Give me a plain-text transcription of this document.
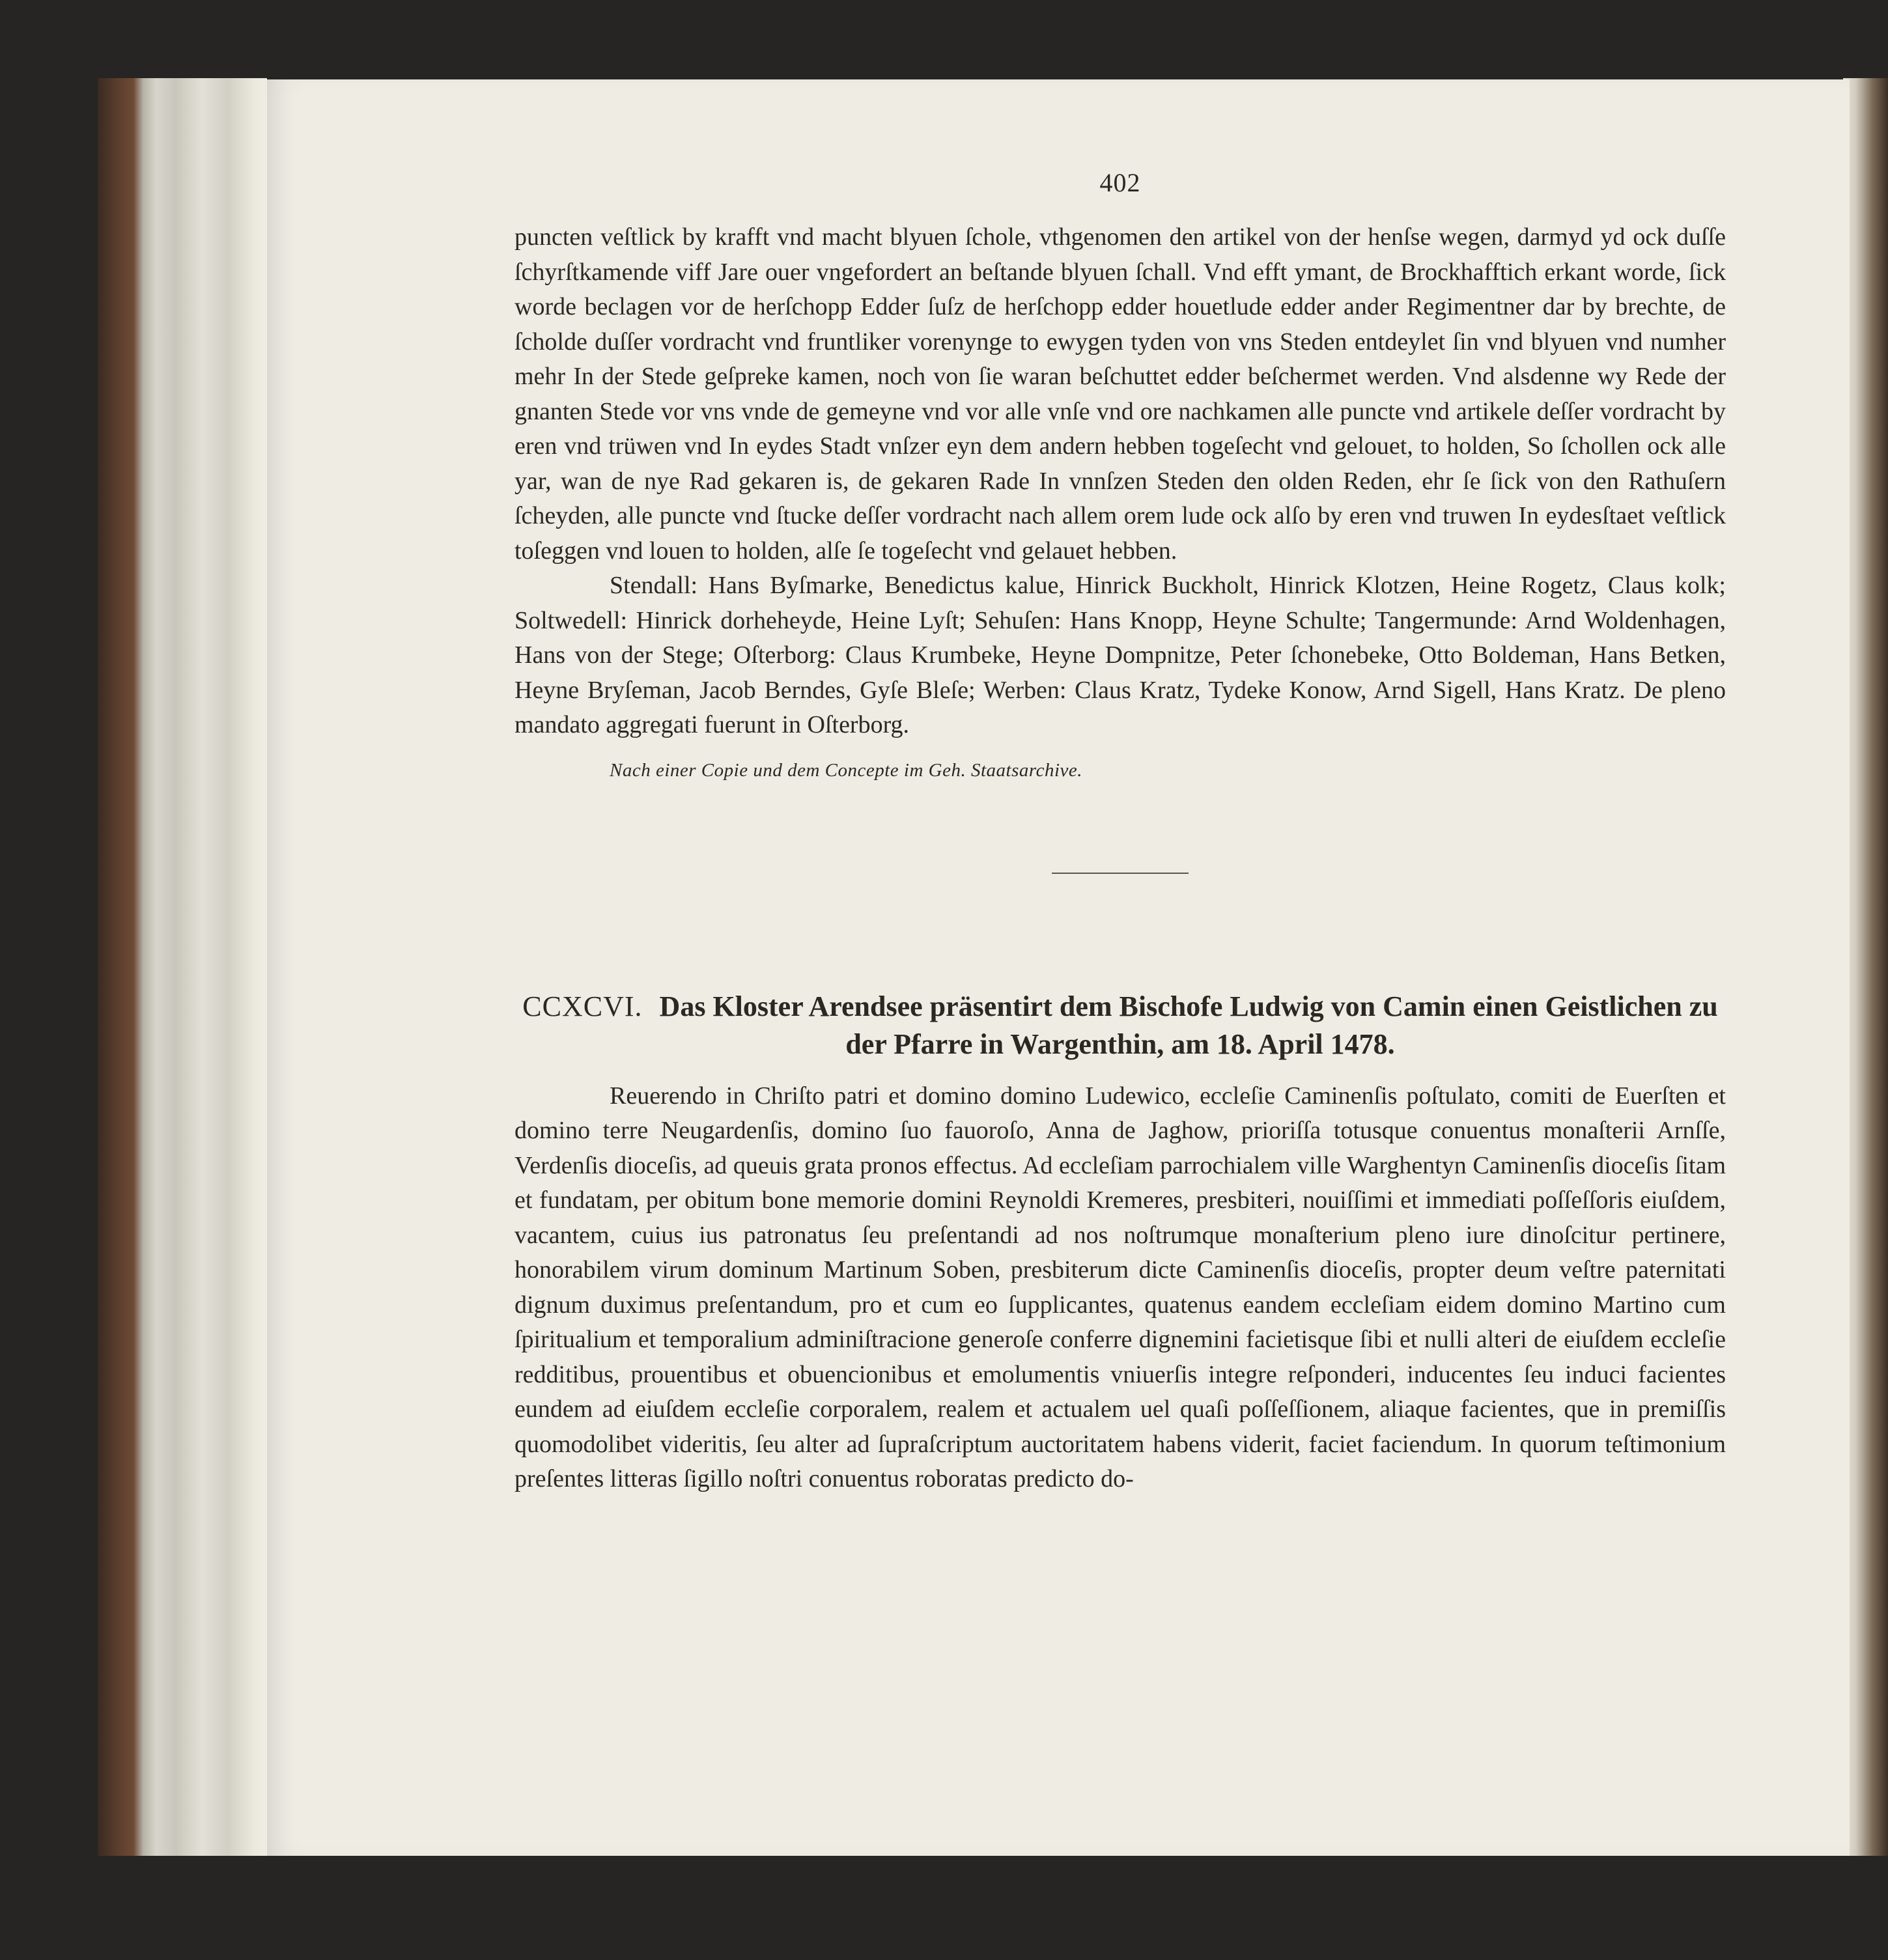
402

puncten veſtlick by krafft vnd macht blyuen ſchole, vthgenomen den artikel von der henſse wegen, darmyd yd ock duſſe ſchyrſtkamende viff Jare ouer vngefordert an beſtande blyuen ſchall. Vnd efft ymant, de Brockhafftich erkant worde, ſick worde beclagen vor de herſchopp Edder ſuſz de herſchopp edder houetlude edder ander Regimentner dar by brechte, de ſcholde duſſer vordracht vnd fruntliker vorenynge to ewygen tyden von vns Steden entdeylet ſin vnd blyuen vnd numher mehr In der Stede geſpreke kamen, noch von ſie waran beſchuttet edder beſchermet werden. Vnd alsdenne wy Rede der gnanten Stede vor vns vnde de gemeyne vnd vor alle vnſe vnd ore nachkamen alle puncte vnd artikele deſſer vordracht by eren vnd trüwen vnd In eydes Stadt vnſzer eyn dem andern hebben togeſecht vnd gelouet, to holden, So ſchollen ock alle yar, wan de nye Rad gekaren is, de gekaren Rade In vnnſzen Steden den olden Reden, ehr ſe ſick von den Rathuſern ſcheyden, alle puncte vnd ſtucke deſſer vordracht nach allem orem lude ock alſo by eren vnd truwen In eydesſtaet veſtlick toſeggen vnd louen to holden, alſe ſe togeſecht vnd gelauet hebben.

Stendall: Hans Byſmarke, Benedictus kalue, Hinrick Buckholt, Hinrick Klotzen, Heine Rogetz, Claus kolk; Soltwedell: Hinrick dorheheyde, Heine Lyſt; Sehuſen: Hans Knopp, Heyne Schulte; Tangermunde: Arnd Woldenhagen, Hans von der Stege; Oſterborg: Claus Krumbeke, Heyne Dompnitze, Peter ſchonebeke, Otto Boldeman, Hans Betken, Heyne Bryſeman, Jacob Berndes, Gyſe Bleſe; Werben: Claus Kratz, Tydeke Konow, Arnd Sigell, Hans Kratz. De pleno mandato aggregati fuerunt in Oſterborg.

Nach einer Copie und dem Concepte im Geh. Staatsarchive.
CCXCVI. Das Kloster Arendsee präsentirt dem Bischofe Ludwig von Camin einen Geistlichen zu der Pfarre in Wargenthin, am 18. April 1478.

Reuerendo in Chriſto patri et domino domino Ludewico, eccleſie Caminenſis poſtulato, comiti de Euerſten et domino terre Neugardenſis, domino ſuo fauoroſo, Anna de Jaghow, prioriſſa totusque conuentus monaſterii Arnſſe, Verdenſis dioceſis, ad queuis grata pronos effectus. Ad eccleſiam parrochialem ville Warghentyn Caminenſis dioceſis ſitam et fundatam, per obitum bone memorie domini Reynoldi Kremeres, presbiteri, nouiſſimi et immediati poſſeſſoris eiuſdem, vacantem, cuius ius patronatus ſeu preſentandi ad nos noſtrumque monaſterium pleno iure dinoſcitur pertinere, honorabilem virum dominum Martinum Soben, presbiterum dicte Caminenſis dioceſis, propter deum veſtre paternitati dignum duximus preſentandum, pro et cum eo ſupplicantes, quatenus eandem eccleſiam eidem domino Martino cum ſpiritualium et temporalium adminiſtracione generoſe conferre dignemini facietisque ſibi et nulli alteri de eiuſdem eccleſie redditibus, prouentibus et obuencionibus et emolumentis vniuerſis integre reſponderi, inducentes ſeu induci facientes eundem ad eiuſdem eccleſie corporalem, realem et actualem uel quaſi poſſeſſionem, aliaque facientes, que in premiſſis quomodolibet videritis, ſeu alter ad ſupraſcriptum auctoritatem habens viderit, faciet faciendum. In quorum teſtimonium preſentes litteras ſigillo noſtri conuentus roboratas predicto do-
